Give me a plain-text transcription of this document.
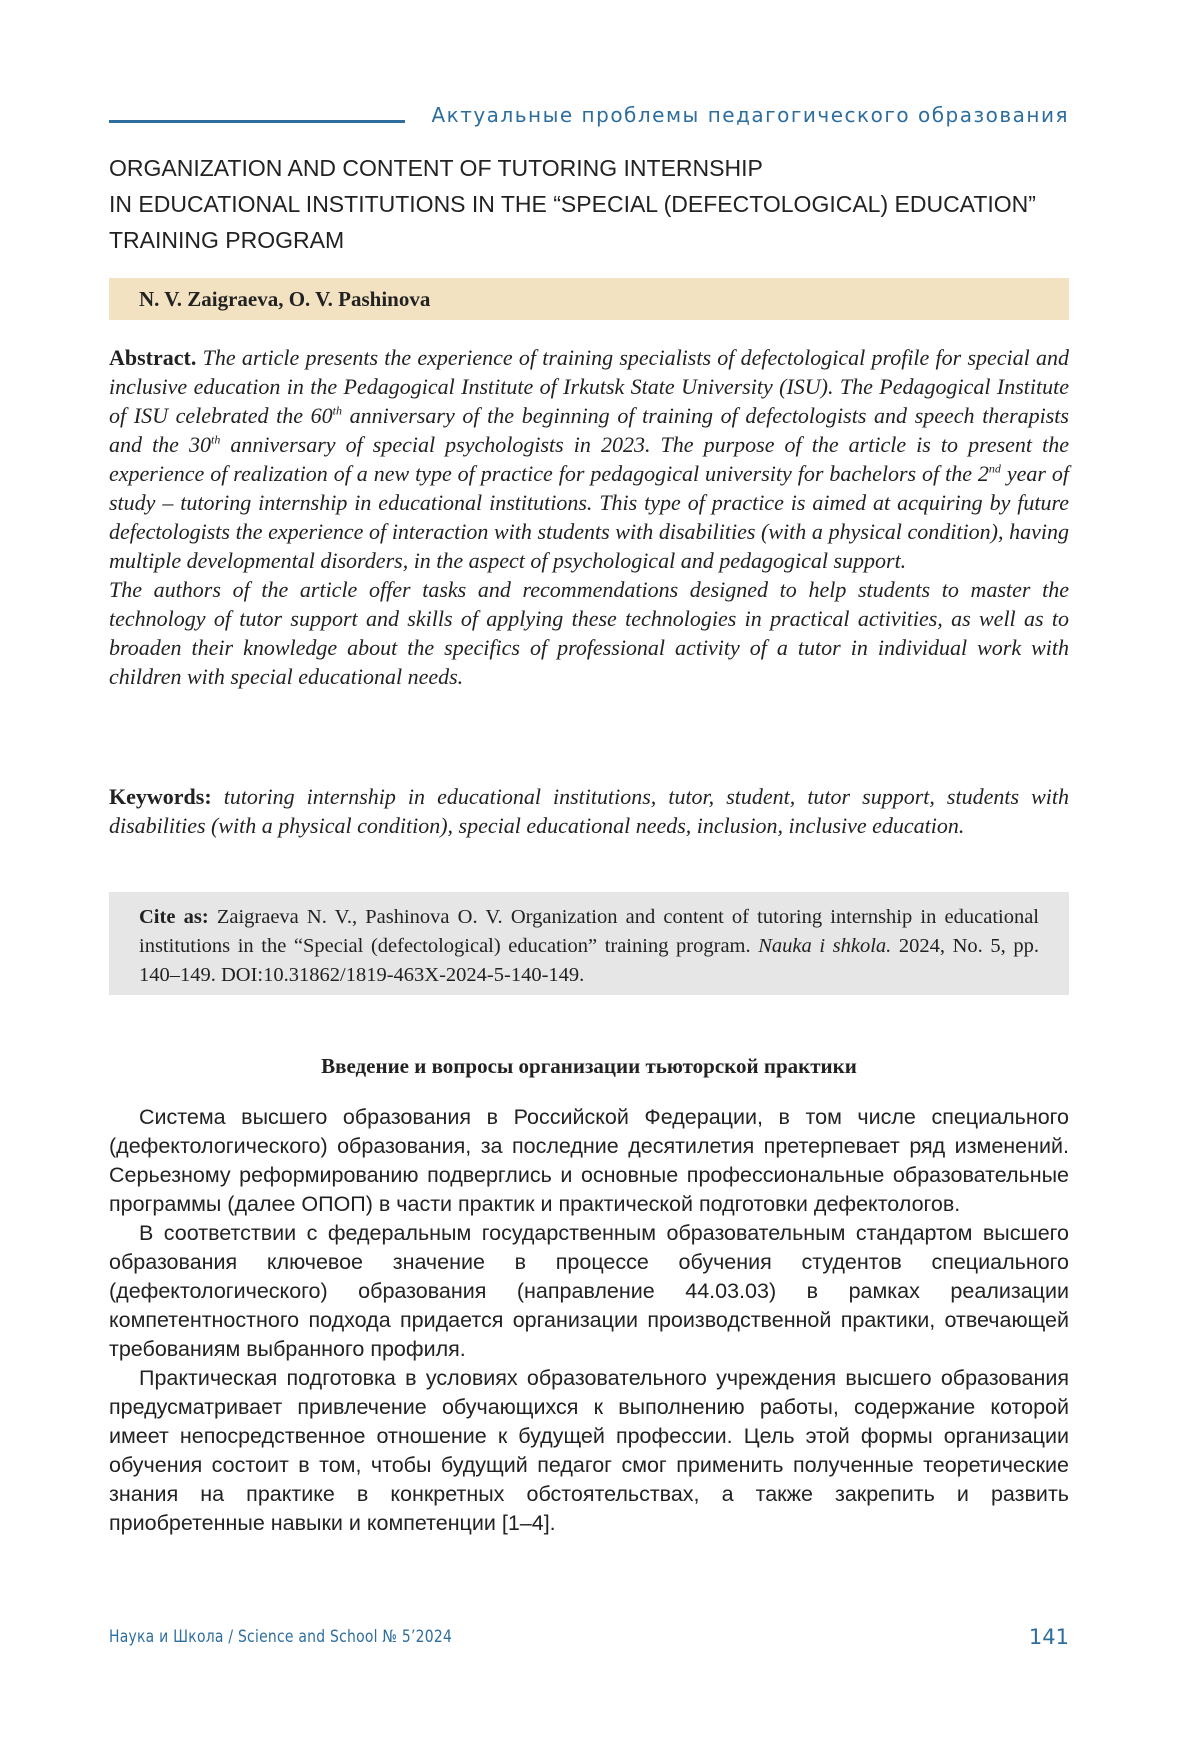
Актуальные проблемы педагогического образования
ORGANIZATION AND CONTENT OF TUTORING INTERNSHIP
IN EDUCATIONAL INSTITUTIONS IN THE “SPECIAL (DEFECTOLOGICAL) EDUCATION”
TRAINING PROGRAM
N. V. Zaigraeva, O. V. Pashinova

Abstract. The article presents the experience of training specialists of defectological profile for special and inclusive education in the Pedagogical Institute of Irkutsk State University (ISU). The Pedagogical Institute of ISU celebrated the 60th anniversary of the beginning of training of defectologists and speech therapists and the 30th anniversary of special psychologists in 2023. The purpose of the article is to present the experience of realization of a new type of practice for pedagogical university for bachelors of the 2nd year of study – tutoring internship in educational institutions. This type of practice is aimed at acquiring by future defectologists the experience of interaction with students with disabilities (with a physical condition), having multiple developmental disorders, in the aspect of psychological and pedagogical support.

The authors of the article offer tasks and recommendations designed to help students to master the technology of tutor support and skills of applying these technologies in practical activities, as well as to broaden their knowledge about the specifics of professional activity of a tutor in individual work with children with special educational needs.

Keywords: tutoring internship in educational institutions, tutor, student, tutor support, students with disabilities (with a physical condition), special educational needs, inclusion, inclusive education.
Cite as: Zaigraeva N. V., Pashinova O. V. Organization and content of tutoring internship in educational institutions in the “Special (defectological) education” training program. Nauka i shkola. 2024, No. 5, pp. 140–149. DOI:10.31862/1819-463X-2024-5-140-149.
Введение и вопросы организации тьюторской практики

Система высшего образования в Российской Федерации, в том числе специального (дефектологического) образования, за последние десятилетия претерпевает ряд изменений. Серьезному реформированию подверглись и основные профессиональные образовательные программы (далее ОПОП) в части практик и практической подготовки дефектологов.

В соответствии с федеральным государственным образовательным стандартом высшего образования ключевое значение в процессе обучения студентов специального (дефектологического) образования (направление 44.03.03) в рамках реализации компетентностного подхода придается организации производственной практики, отвечающей требованиям выбранного профиля.

Практическая подготовка в условиях образовательного учреждения высшего образования предусматривает привлечение обучающихся к выполнению работы, содержание которой имеет непосредственное отношение к будущей профессии. Цель этой формы организации обучения состоит в том, чтобы будущий педагог смог применить полученные теоретические знания на практике в конкретных обстоятельствах, а также закрепить и развить приобретенные навыки и компетенции [1–4].

Наука и Школа / Science and School № 5’2024	141
